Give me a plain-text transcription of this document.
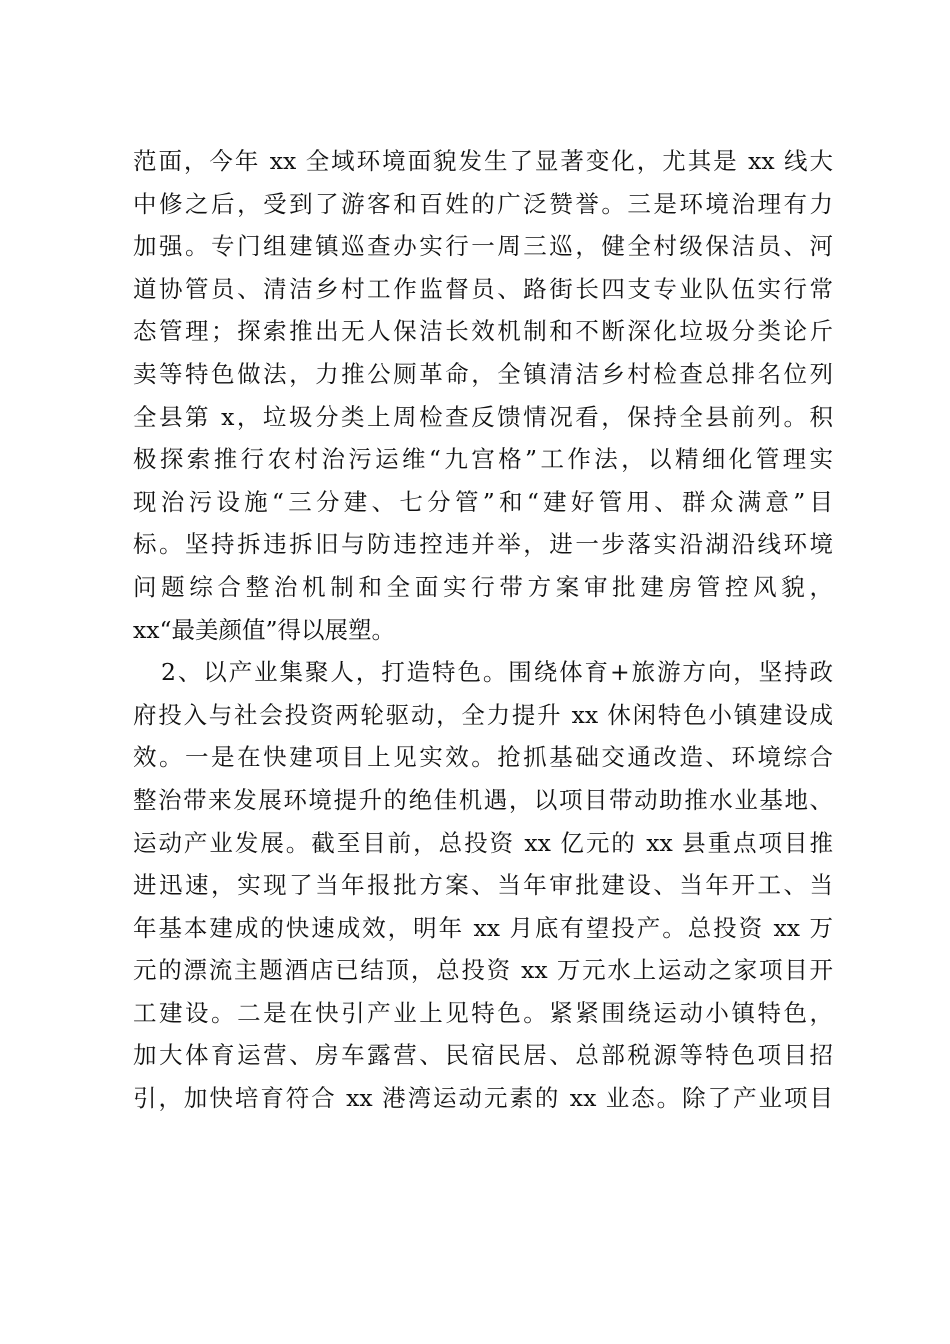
范面，今年 xx 全域环境面貌发生了显著变化，尤其是 xx 线大
中修之后，受到了游客和百姓的广泛赞誉。三是环境治理有力
加强。专门组建镇巡查办实行一周三巡，健全村级保洁员、河
道协管员、清洁乡村工作监督员、路街长四支专业队伍实行常
态管理；探索推出无人保洁长效机制和不断深化垃圾分类论斤
卖等特色做法，力推公厕革命，全镇清洁乡村检查总排名位列
全县第 x，垃圾分类上周检查反馈情况看，保持全县前列。积
极探索推行农村治污运维“九宫格”工作法，以精细化管理实
现治污设施“三分建、七分管”和“建好管用、群众满意”目
标。坚持拆违拆旧与防违控违并举，进一步落实沿湖沿线环境
问题综合整治机制和全面实行带方案审批建房管控风貌，
xx“最美颜值”得以展塑。
2、以产业集聚人，打造特色。围绕体育+旅游方向，坚持政
府投入与社会投资两轮驱动，全力提升 xx 休闲特色小镇建设成
效。一是在快建项目上见实效。抢抓基础交通改造、环境综合
整治带来发展环境提升的绝佳机遇，以项目带动助推水业基地、
运动产业发展。截至目前，总投资 xx 亿元的 xx 县重点项目推
进迅速，实现了当年报批方案、当年审批建设、当年开工、当
年基本建成的快速成效，明年 xx 月底有望投产。总投资 xx 万
元的漂流主题酒店已结顶，总投资 xx 万元水上运动之家项目开
工建设。二是在快引产业上见特色。紧紧围绕运动小镇特色，
加大体育运营、房车露营、民宿民居、总部税源等特色项目招
引，加快培育符合 xx 港湾运动元素的 xx 业态。除了产业项目
